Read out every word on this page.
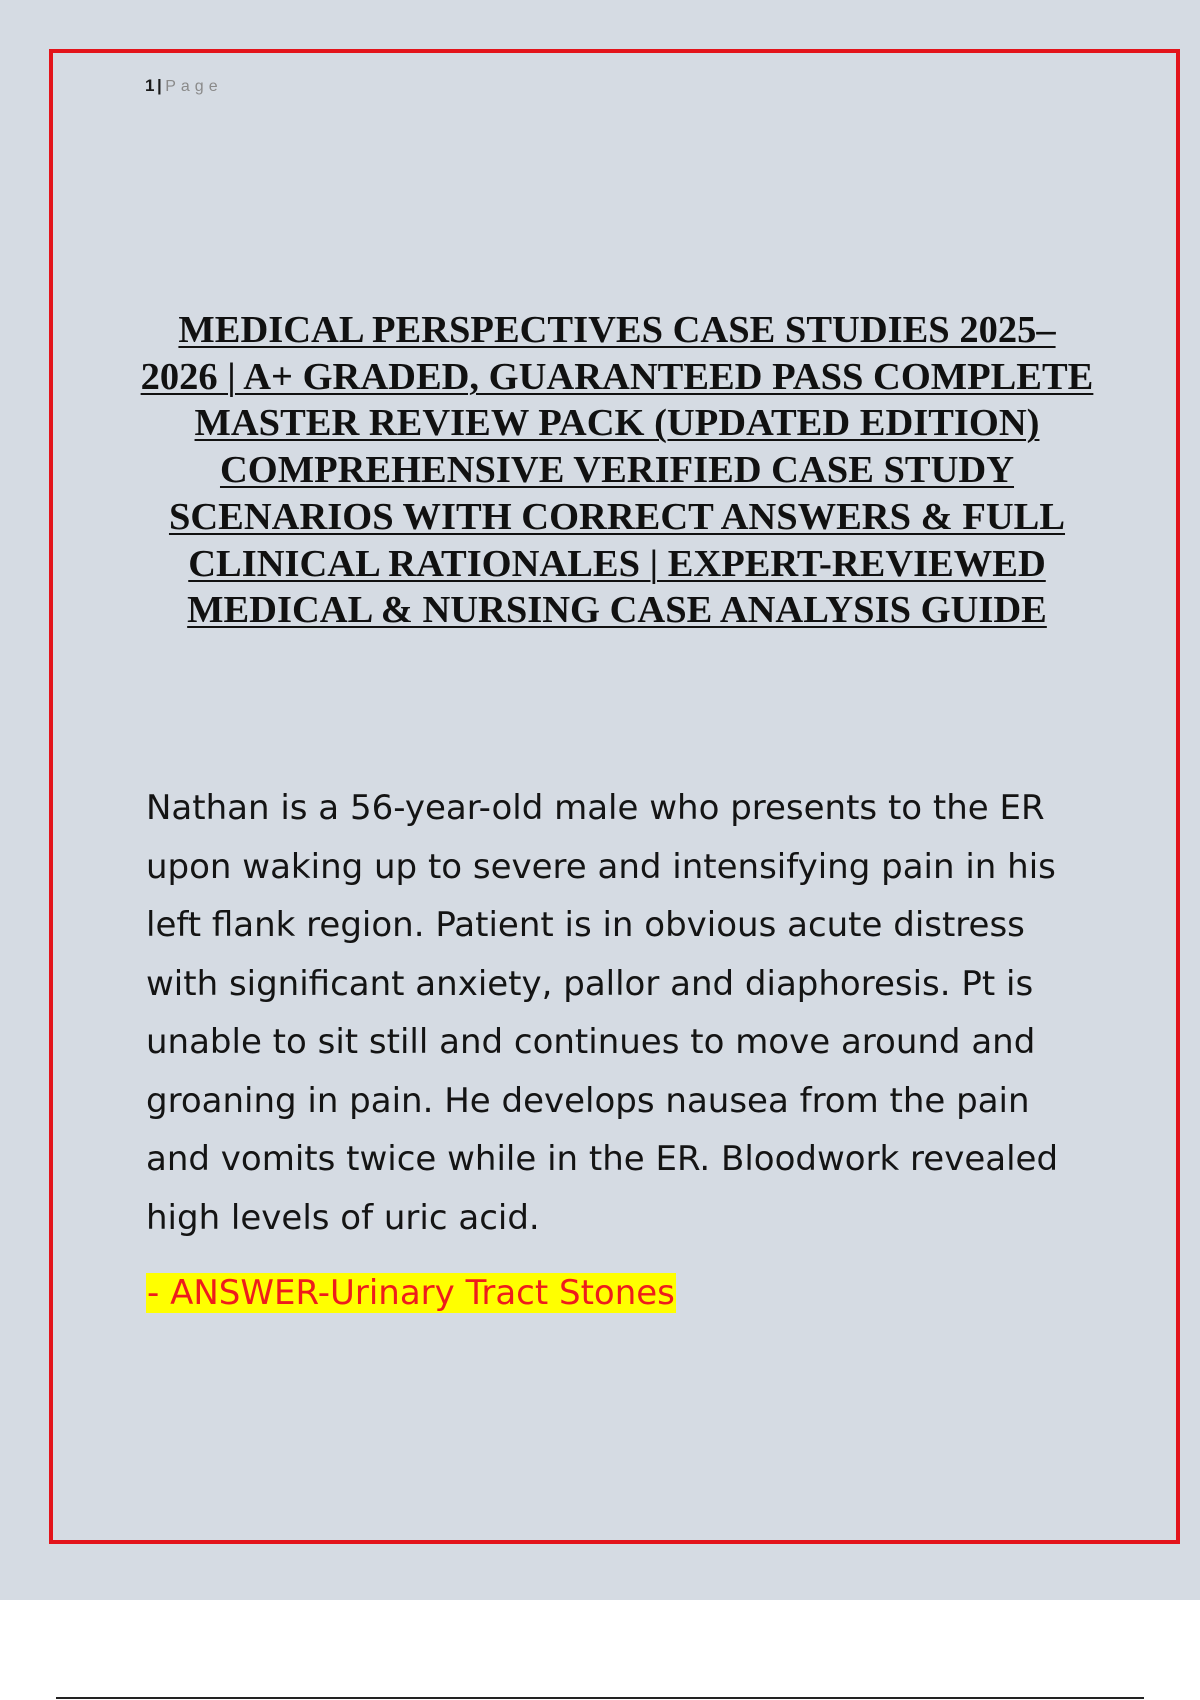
1 | Page
MEDICAL PERSPECTIVES CASE STUDIES 2025–2026 | A+ GRADED, GUARANTEED PASS COMPLETE MASTER REVIEW PACK (UPDATED EDITION) COMPREHENSIVE VERIFIED CASE STUDY SCENARIOS WITH CORRECT ANSWERS & FULL CLINICAL RATIONALES | EXPERT-REVIEWED MEDICAL & NURSING CASE ANALYSIS GUIDE

Nathan is a 56-year-old male who presents to the ER upon waking up to severe and intensifying pain in his left flank region. Patient is in obvious acute distress with significant anxiety, pallor and diaphoresis. Pt is unable to sit still and continues to move around and groaning in pain. He develops nausea from the pain and vomits twice while in the ER. Bloodwork revealed high levels of uric acid.

- ANSWER-Urinary Tract Stones
